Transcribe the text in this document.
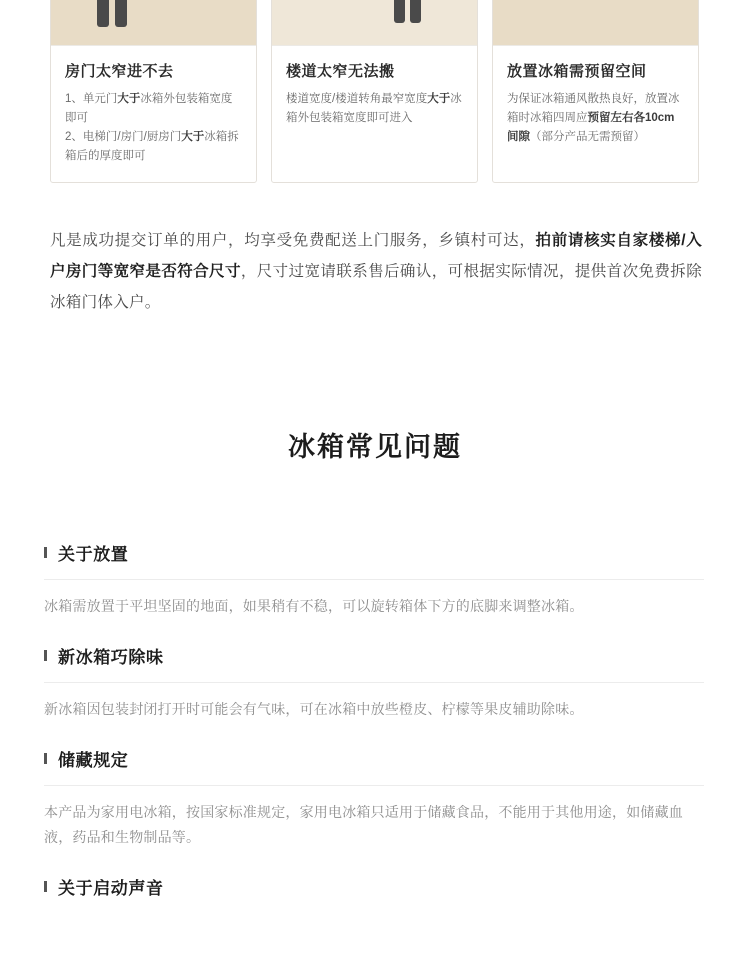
房门太窄进不去
1、单元门大于冰箱外包装箱宽度即可
2、电梯门/房门/厨房门大于冰箱拆箱后的厚度即可
楼道太窄无法搬
楼道宽度/楼道转角最窄宽度大于冰箱外包装箱宽度即可进入
放置冰箱需预留空间
为保证冰箱通风散热良好，放置冰箱时冰箱四周应预留左右各10cm间隙（部分产品无需预留）
凡是成功提交订单的用户，均享受免费配送上门服务，乡镇村可达，拍前请核实自家楼梯/入户房门等宽窄是否符合尺寸，尺寸过宽请联系售后确认，可根据实际情况，提供首次免费拆除冰箱门体入户。
冰箱常见问题
关于放置
冰箱需放置于平坦坚固的地面，如果稍有不稳，可以旋转箱体下方的底脚来调整冰箱。
新冰箱巧除味
新冰箱因包装封闭打开时可能会有气味，可在冰箱中放些橙皮、柠檬等果皮辅助除味。
储藏规定
本产品为家用电冰箱，按国家标准规定，家用电冰箱只适用于储藏食品，不能用于其他用途，如储藏血液，药品和生物制品等。
关于启动声音
